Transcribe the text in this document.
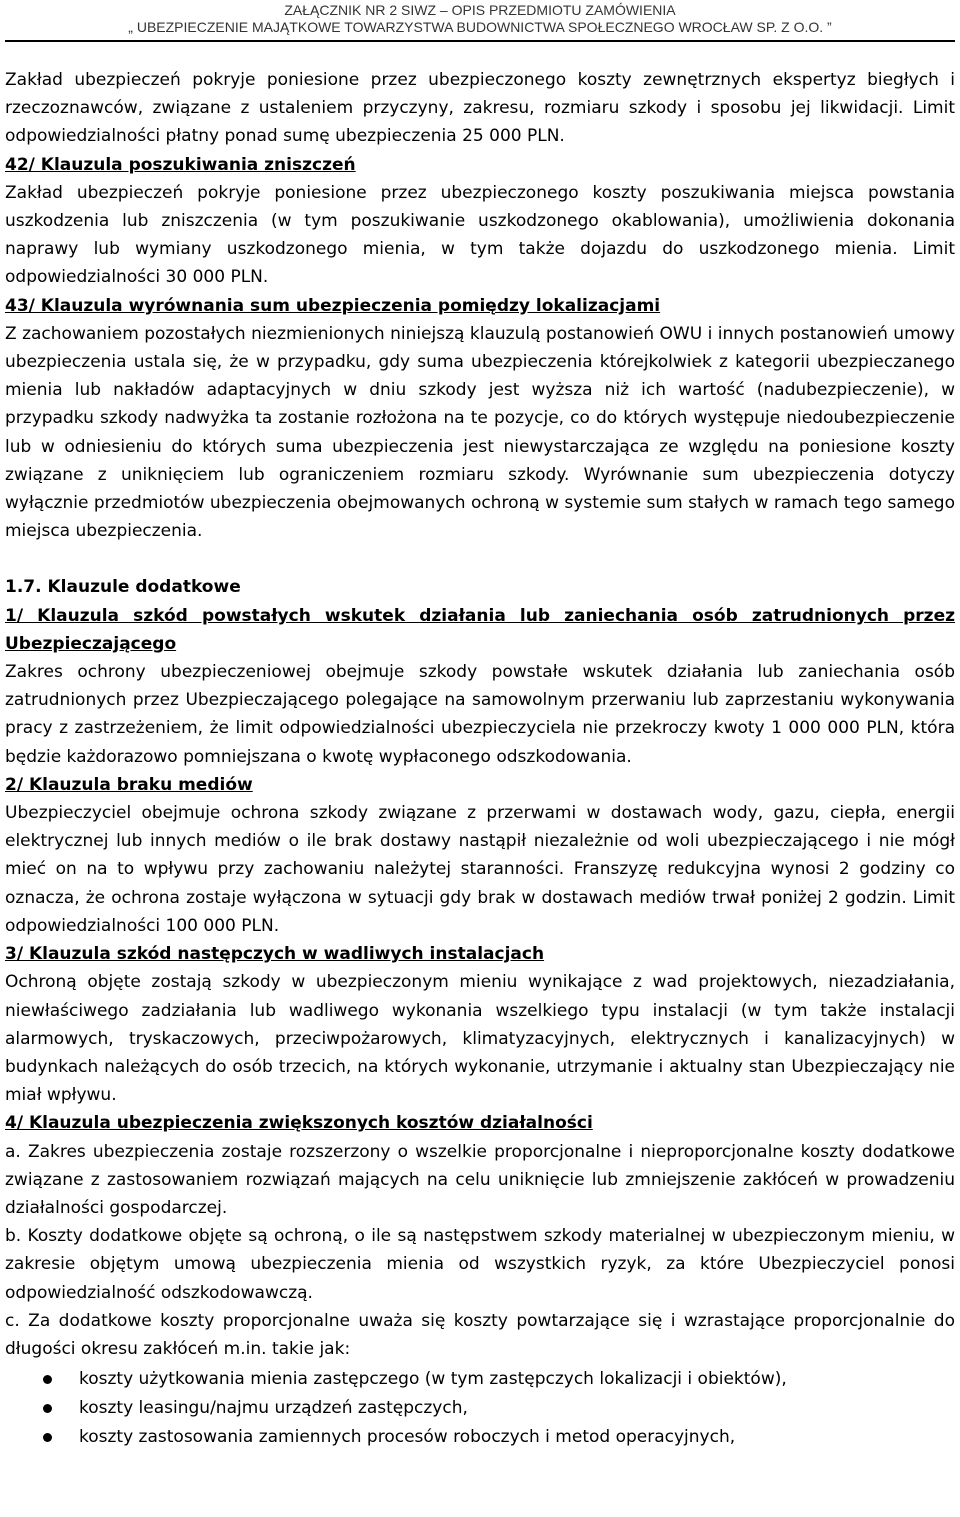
ZAŁĄCZNIK NR 2 SIWZ – OPIS PRZEDMIOTU ZAMÓWIENIA
„ UBEZPIECZENIE MAJĄTKOWE TOWARZYSTWA BUDOWNICTWA SPOŁECZNEGO WROCŁAW SP. Z O.O. ”

Zakład ubezpieczeń pokryje poniesione przez ubezpieczonego koszty zewnętrznych ekspertyz biegłych i rzeczoznawców, związane z ustaleniem przyczyny, zakresu, rozmiaru szkody i sposobu jej likwidacji. Limit odpowiedzialności płatny ponad sumę ubezpieczenia 25 000 PLN.

42/ Klauzula poszukiwania zniszczeń

Zakład ubezpieczeń pokryje poniesione przez ubezpieczonego koszty poszukiwania miejsca powstania uszkodzenia lub zniszczenia (w tym poszukiwanie uszkodzonego okablowania), umożliwienia dokonania naprawy lub wymiany uszkodzonego mienia, w tym także dojazdu do uszkodzonego mienia. Limit odpowiedzialności 30 000 PLN.

43/ Klauzula wyrównania sum ubezpieczenia pomiędzy lokalizacjami

Z zachowaniem pozostałych niezmienionych niniejszą klauzulą postanowień OWU i innych postanowień umowy ubezpieczenia ustala się, że w przypadku, gdy suma ubezpieczenia którejkolwiek z kategorii ubezpieczanego mienia lub nakładów adaptacyjnych w dniu szkody jest wyższa niż ich wartość (nadubezpieczenie), w przypadku szkody nadwyżka ta zostanie rozłożona na te pozycje, co do których występuje niedoubezpieczenie lub w odniesieniu do których suma ubezpieczenia jest niewystarczająca ze względu na poniesione koszty związane z uniknięciem lub ograniczeniem rozmiaru szkody. Wyrównanie sum ubezpieczenia dotyczy wyłącznie przedmiotów ubezpieczenia obejmowanych ochroną w systemie sum stałych w ramach tego samego miejsca ubezpieczenia.

1.7. Klauzule dodatkowe

1/ Klauzula szkód powstałych wskutek działania lub zaniechania osób zatrudnionych przez Ubezpieczającego

Zakres ochrony ubezpieczeniowej obejmuje szkody powstałe wskutek działania lub zaniechania osób zatrudnionych przez Ubezpieczającego polegające na samowolnym przerwaniu lub zaprzestaniu wykonywania pracy z zastrzeżeniem, że limit odpowiedzialności ubezpieczyciela nie przekroczy kwoty 1 000 000 PLN, która będzie każdorazowo pomniejszana o kwotę wypłaconego odszkodowania.

2/ Klauzula braku mediów

Ubezpieczyciel obejmuje ochrona szkody związane z przerwami w dostawach wody, gazu, ciepła, energii elektrycznej lub innych mediów o ile brak dostawy nastąpił niezależnie od woli ubezpieczającego i nie mógł mieć on na to wpływu przy zachowaniu należytej staranności. Franszyzę redukcyjna wynosi 2 godziny co oznacza, że ochrona zostaje wyłączona w sytuacji gdy brak w dostawach mediów trwał poniżej 2 godzin. Limit odpowiedzialności 100 000 PLN.

3/ Klauzula szkód następczych w wadliwych instalacjach

Ochroną objęte zostają szkody w ubezpieczonym mieniu wynikające z wad projektowych, niezadziałania, niewłaściwego zadziałania lub wadliwego wykonania wszelkiego typu instalacji (w tym także instalacji alarmowych, tryskaczowych, przeciwpożarowych, klimatyzacyjnych, elektrycznych i kanalizacyjnych) w budynkach należących do osób trzecich, na których wykonanie, utrzymanie i aktualny stan Ubezpieczający nie miał wpływu.

4/ Klauzula ubezpieczenia zwiększonych kosztów działalności

a. Zakres ubezpieczenia zostaje rozszerzony o wszelkie proporcjonalne i nieproporcjonalne koszty dodatkowe związane z zastosowaniem rozwiązań mających na celu uniknięcie lub zmniejszenie zakłóceń w prowadzeniu działalności gospodarczej.

b. Koszty dodatkowe objęte są ochroną, o ile są następstwem szkody materialnej w ubezpieczonym mieniu, w zakresie objętym umową ubezpieczenia mienia od wszystkich ryzyk, za które Ubezpieczyciel ponosi odpowiedzialność odszkodowawczą.

c. Za dodatkowe koszty proporcjonalne uważa się koszty powtarzające się i wzrastające proporcjonalnie do długości okresu zakłóceń m.in. takie jak:

koszty użytkowania mienia zastępczego (w tym zastępczych lokalizacji i obiektów),
koszty leasingu/najmu urządzeń zastępczych,
koszty zastosowania zamiennych procesów roboczych i metod operacyjnych,
